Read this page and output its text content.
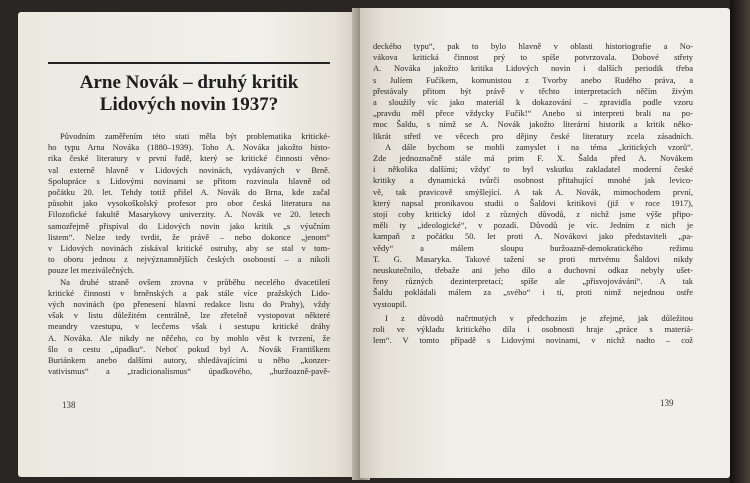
Arne Novák – druhý kritik
Lidových novin 1937?
Původním zaměřením této stati měla být problematika kritické-
ho typu Arna Nováka (1880–1939). Toho A. Nováka jakožto histo-
rika české literatury v první řadě, který se kritické činnosti věno-
val externě hlavně v Lidových novinách, vydávaných v Brně.
Spolupráce s Lidovými novinami se přitom rozvinula hlavně od
počátku 20. let. Tehdy totiž přišel A. Novák do Brna, kde začal
působit jako vysokoškolský profesor pro obor česká literatura na
Filozofické fakultě Masarykovy univerzity. A. Novák ve 20. letech
samozřejmě přispíval do Lidových novin jako kritik „s výučním
listem“. Nelze tedy tvrdit, že právě – nebo dokonce „jenom“
v Lidových novinách získával kritické ostruhy, aby se stal v tom-
to oboru jednou z nejvýznamnějších českých osobností – a nikoli
pouze let meziválečných.
Na druhé straně ovšem zrovna v průběhu necelého dvacetiletí
kritické činnosti v brněnských a pak stále více pražských Lido-
vých novinách (po přenesení hlavní redakce listu do Prahy), vždy
však v listu důležitém centrálně, lze zřetelně vystopovat některé
meandry vzestupu, v lecčems však i sestupu kritické dráhy
A. Nováka. Ale nikdy ne něčeho, co by mohlo věst k tvrzení, že
šlo o cestu „úpadku“. Neboť pokud byl A. Novák Františkem
Buriánkem anebo dalšími autory, shledávajícími u něho „konzer-
vativismus“ a „tradicionalismus“ úpadkového, „buržoazně-pavě-
138
deckého typu“, pak to bylo hlavně v oblasti historiografie a No-
vákova kritická činnost prý to spíše potvrzovala. Dobové střety
A. Nováka jakožto kritika Lidových novin i dalších periodik třeba
s Julíem Fučíkem, komunistou z Tvorby anebo Rudého práva, a
přestávaly přitom být právě v těchto interpretacích něčím živým
a sloužily víc jako materiál k dokazování – zpravidla podle vzoru
„pravdu měl přece vždycky Fučík!“ Anebo si interpreti brali na po-
moc Šaldu, s nímž se A. Novák jakožto literární historik a kritik něko-
likrát střetl ve věcech pro dějiny české literatury zcela zásadních.
A dále bychom se mohli zamyslet i na téma „kritických vzorů“.
Zde jednoznačně stále má prim F. X. Šalda před A. Novákem
i několika dalšími; vždyť to byl vskutku zakladatel moderní české
kritiky a dynamická tvůrčí osobnost přitahující mnohé jak levico-
vě, tak pravicově smýšlející. A tak A. Novák, mimochodem první,
který napsal pronikavou studii o Šaldovi kritikovi (již v roce 1917),
stojí coby kritický idol z různých důvodů, z nichž jsme výše připo-
měli ty „ideologické“, v pozadí. Důvodů je víc. Jedním z nich je
kampaň z počátku 50. let proti A. Novákovi jako představiteli „pa-
vědy“ a málem sloupu buržoazně-demokratického režimu
T. G. Masaryka. Takové tažení se proti mrtvému Šaldovi nikdy
neuskutečnilo, třebaže ani jeho dílo a duchovní odkaz nebyly ušet-
řeny různých dezinterpretací; spíše ale „přisvojovávání“. A tak
Šaldu pokládali málem za „svého“ i ti, proti nimž nejednou ostře
vystoupil.
I z důvodů načrtnutých v předchozím je zřejmé, jak důležitou
roli ve výkladu kritického díla i osobnosti hraje „práce s materiá-
lem“. V tomto případě s Lidovými novinami, v nichž nadto – což
139
